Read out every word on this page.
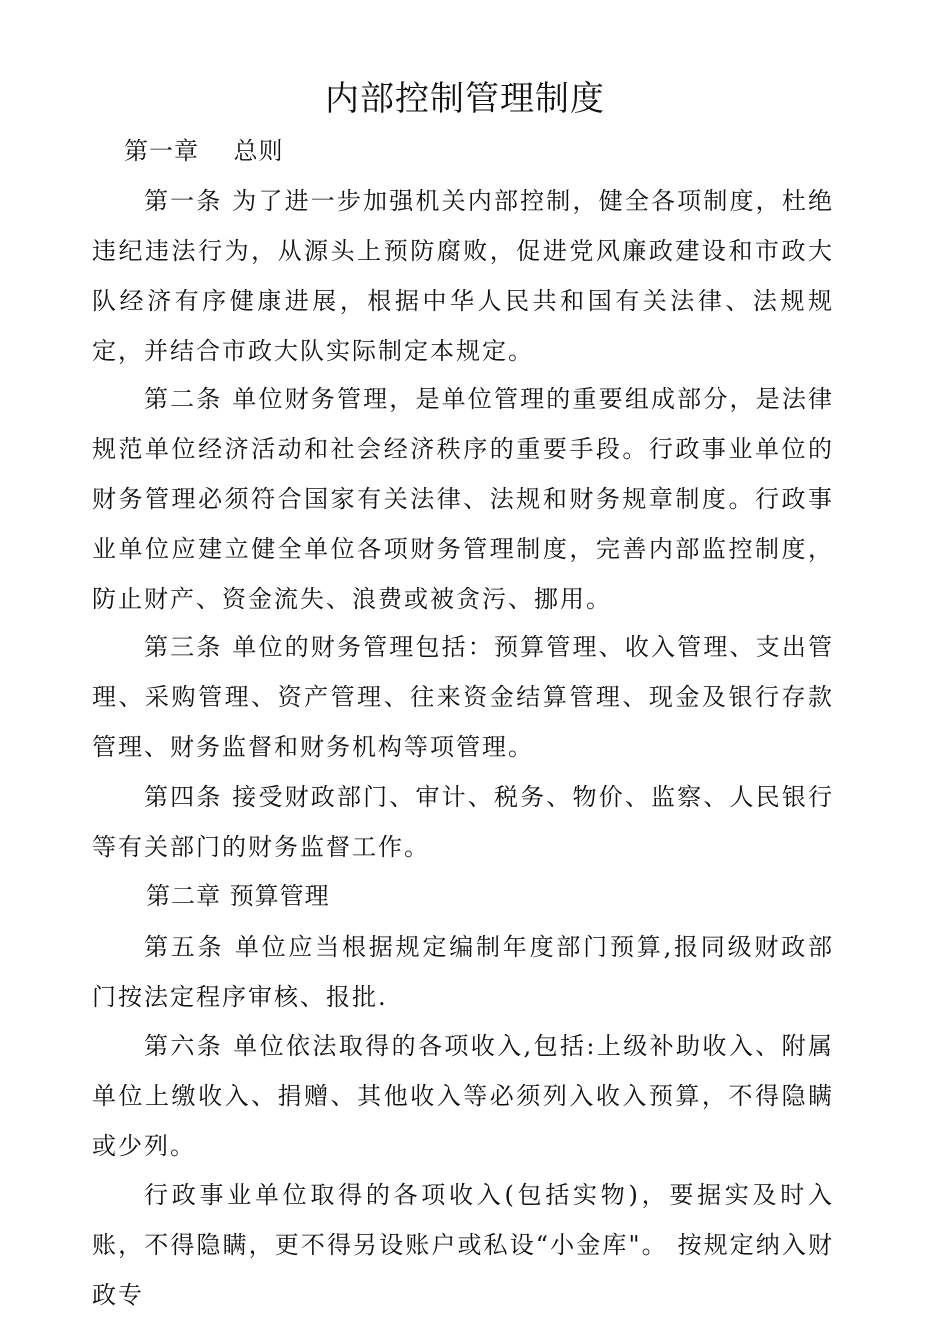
内部控制管理制度

第一章    总则

第一条 为了进一步加强机关内部控制，健全各项制度，杜绝违纪违法行为，从源头上预防腐败，促进党风廉政建设和市政大队经济有序健康进展，根据中华人民共和国有关法律、法规规定，并结合市政大队实际制定本规定。

第二条 单位财务管理，是单位管理的重要组成部分，是法律规范单位经济活动和社会经济秩序的重要手段。行政事业单位的财务管理必须符合国家有关法律、法规和财务规章制度。行政事业单位应建立健全单位各项财务管理制度，完善内部监控制度，防止财产、资金流失、浪费或被贪污、挪用。

第三条 单位的财务管理包括：预算管理、收入管理、支出管理、采购管理、资产管理、往来资金结算管理、现金及银行存款管理、财务监督和财务机构等项管理。

第四条 接受财政部门、审计、税务、物价、监察、人民银行等有关部门的财务监督工作。

第二章 预算管理

第五条 单位应当根据规定编制年度部门预算,报同级财政部门按法定程序审核、报批.

第六条 单位依法取得的各项收入,包括:上级补助收入、附属单位上缴收入、捐赠、其他收入等必须列入收入预算，不得隐瞒或少列。

行政事业单位取得的各项收入(包括实物)，要据实及时入账，不得隐瞒，更不得另设账户或私设“小金库"。 按规定纳入财政专
